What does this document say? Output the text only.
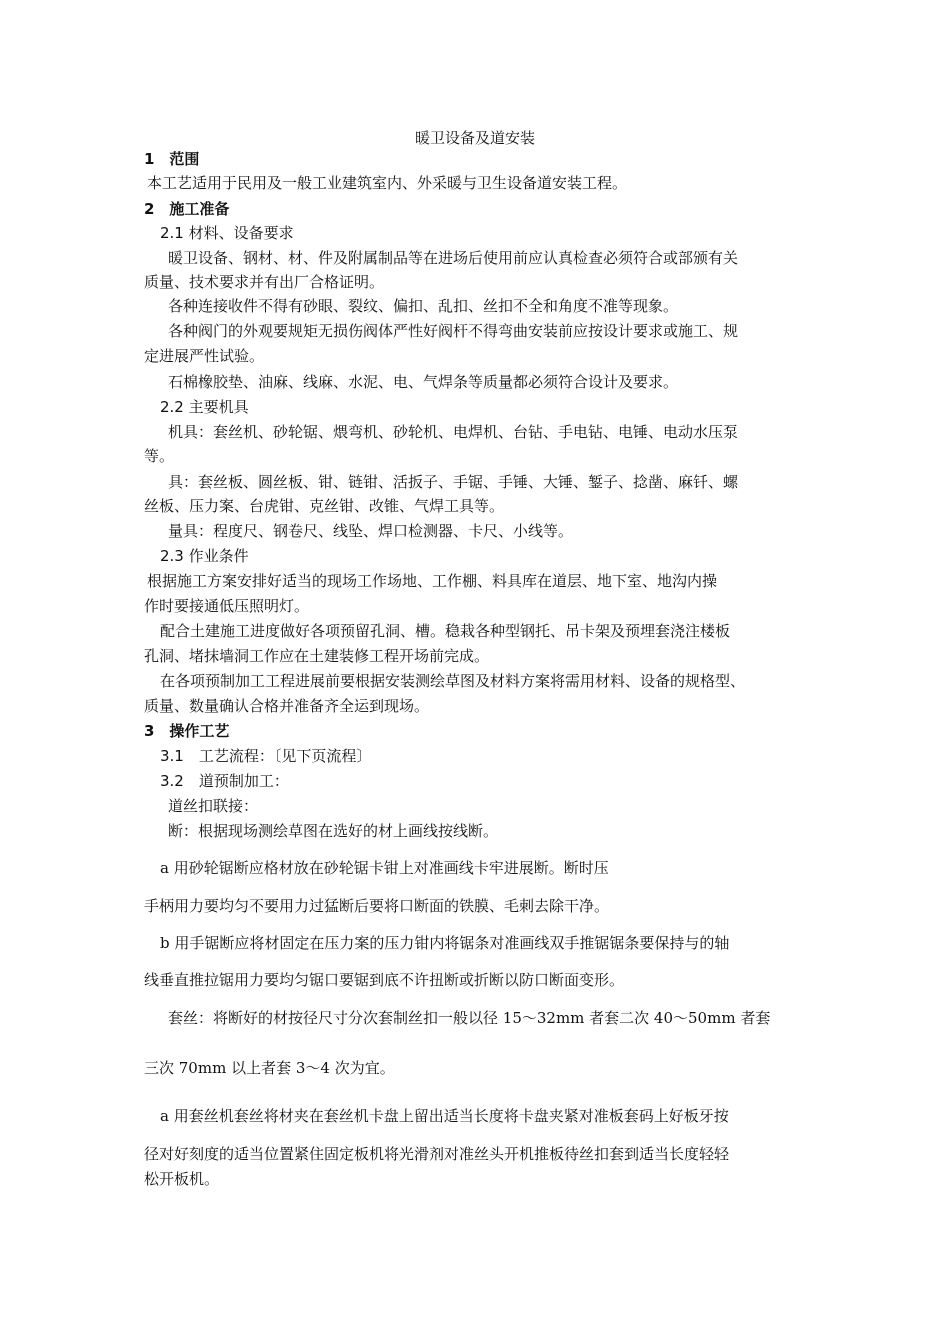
暖卫设备及道安装
1　范围
本工艺适用于民用及一般工业建筑室内、外采暖与卫生设备道安装工程。
2　施工准备
2.1 材料、设备要求
暖卫设备、钢材、材、件及附属制品等在进场后使用前应认真检查必须符合或部颁有关
质量、技术要求并有出厂合格证明。
各种连接收件不得有砂眼、裂纹、偏扣、乱扣、丝扣不全和角度不准等现象。
各种阀门的外观要规矩无损伤阀体严性好阀杆不得弯曲安装前应按设计要求或施工、规
定进展严性试验。
石棉橡胶垫、油麻、线麻、水泥、电、气焊条等质量都必须符合设计及要求。
2.2 主要机具
机具：套丝机、砂轮锯、煨弯机、砂轮机、电焊机、台钻、手电钻、电锤、电动水压泵
等。
具：套丝板、圆丝板、钳、链钳、活扳子、手锯、手锤、大锤、錾子、捻凿、麻钎、螺
丝板、压力案、台虎钳、克丝钳、改锥、气焊工具等。
量具：程度尺、钢卷尺、线坠、焊口检测器、卡尺、小线等。
2.3 作业条件
根据施工方案安排好适当的现场工作场地、工作棚、料具库在道层、地下室、地沟内操
作时要接通低压照明灯。
配合土建施工进度做好各项预留孔洞、槽。稳栽各种型钢托、吊卡架及预埋套浇注楼板
孔洞、堵抹墙洞工作应在土建装修工程开场前完成。
在各项预制加工工程进展前要根据安装测绘草图及材料方案将需用材料、设备的规格型、
质量、数量确认合格并准备齐全运到现场。
3　操作工艺
3.1　工艺流程：〔见下页流程〕
3.2　道预制加工：
道丝扣联接：
断：根据现场测绘草图在选好的材上画线按线断。
a 用砂轮锯断应格材放在砂轮锯卡钳上对准画线卡牢进展断。断时压
手柄用力要均匀不要用力过猛断后要将口断面的铁膜、毛刺去除干净。
b 用手锯断应将材固定在压力案的压力钳内将锯条对准画线双手推锯锯条要保持与的轴
线垂直推拉锯用力要均匀锯口要锯到底不许扭断或折断以防口断面变形。
套丝：将断好的材按径尺寸分次套制丝扣一般以径 15～32mm 者套二次 40～50mm 者套
三次 70mm 以上者套 3～4 次为宜。
a 用套丝机套丝将材夹在套丝机卡盘上留出适当长度将卡盘夹紧对准板套码上好板牙按
径对好刻度的适当位置紧住固定板机将光滑剂对准丝头开机推板待丝扣套到适当长度轻轻
松开板机。
